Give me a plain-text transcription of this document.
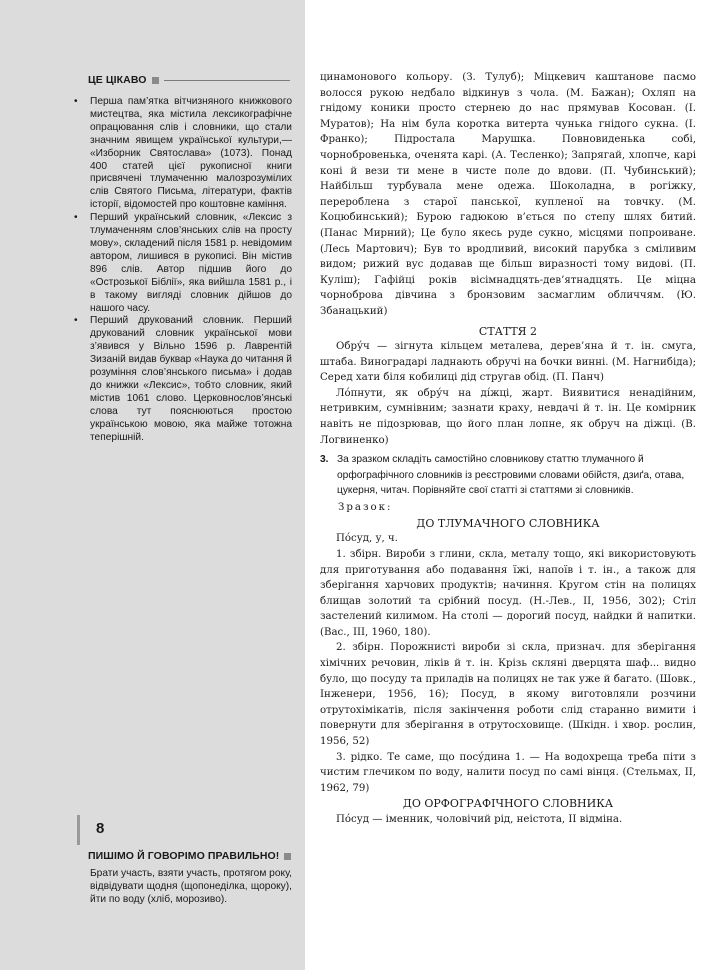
ЦЕ ЦІКАВО
• Перша пам’ятка вітчизняного книжкового мистецтва, яка містила лексикографічне опрацювання слів і словники, що стали значним явищем української культури,— «Изборник Святослава» (1073). Понад 400 статей цієї рукописної книги присвячені тлумаченню малозрозумілих слів Святого Письма, літератури, фактів історії, відомостей про коштовне каміння.
• Перший український словник, «Лексис з тлумаченням слов’янських слів на просту мову», складений після 1581 р. невідомим автором, лишився в рукописі. Він містив 896 слів. Автор підшив його до «Острозької Біблії», яка вийшла 1581 р., і в такому вигляді словник дійшов до нашого часу.
• Перший друкований словник. Перший друкований словник української мови з’явився у Вільно 1596 р. Лаврентій Зизаній видав буквар «Наука до читання й розуміння слов’янського письма» і додав до книжки «Лексис», тобто словник, який містив 1061 слово. Церковнослов’янські слова тут пояснюються простою українською мовою, яка майже тотожна теперішній.
ПИШІМО Й ГОВОРІМО ПРАВИЛЬНО!

Брати участь, взяти участь, протягом року, відвідувати щодня (щопонеділка, щороку), йти по воду (хліб, морозиво).

8

цинамонового кольору. (З. Тулуб); Міцкевич каштанове пасмо волосся рукою недбало відкинув з чола. (М. Бажан); Охляп на гнідому коники просто стернею до нас прямував Косован. (І. Муратов); На нім була коротка витерта чунька гнідого сукна. (І. Франко); Підростала Марушка. Повновиденька собі, чорнобровенька, оченята карі. (А. Тесленко); Запрягай, хлопче, карі коні й вези ти мене в чисте поле до вдови. (П. Чубинський); Найбільш турбувала мене одежа. Шоколадна, в рогіжку, перероблена з старої панської, купленої на товчку. (М. Коцюбинський); Бурою гадюкою в’ється по степу шлях битий. (Панас Мирний); Це було якесь руде сукно, місцями попроиване. (Лесь Мартович); Був то вродливий, високий парубка з сміливим видом; рижий вус додавав ще більш виразності тому видові. (П. Куліш); Гафійці років вісімнадцять-дев’ятнадцять. Це міцна чорноброва дівчина з бронзовим засмаглим обличчям. (Ю. Збанацький)

СТАТТЯ 2

Обру́ч — зігнута кільцем металева, дерев’яна й т. ін. смуга, штаба. Виноградарі ладнають обручі на бочки винні. (М. Нагнибіда); Серед хати біля кобилиці дід стругав обід. (П. Панч)

Ло́пнути, як обру́ч на ді́жці, жарт. Виявитися ненадійним, нетривким, сумнівним; зазнати краху, невдачі й т. ін. Це комірник навіть не підозрював, що його план лопне, як обруч на діжці. (В. Логвиненко)

3. За зразком складіть самостійно словникову статтю тлумачного й орфографічного словників із реєстровими словами обійстя, дзиґа, отава, цукерня, читач. Порівняйте свої статті зі статтями зі словників.

Зразок:

ДО ТЛУМАЧНОГО СЛОВНИКА

По́суд, у, ч.

1. збірн. Вироби з глини, скла, металу тощо, які використовують для приготування або подавання їжі, напоїв і т. ін., а також для зберігання харчових продуктів; начиння. Кругом стін на полицях блищав золотий та срібний посуд. (Н.-Лев., II, 1956, 302); Стіл застелений килимом. На столі — дорогий посуд, найдки й напитки. (Вас., III, 1960, 180).

2. збірн. Порожнисті вироби зі скла, признач. для зберігання хімічних речовин, ліків й т. ін. Крізь скляні дверцята шаф... видно було, що посуду та приладів на полицях не так уже й багато. (Шовк., Інженери, 1956, 16); Посуд, в якому виготовляли розчини отрутохімікатів, після закінчення роботи слід старанно вимити і повернути для зберігання в отрутосховище. (Шкідн. і хвор. рослин, 1956, 52)

3. рідко. Те саме, що посу́дина 1. — На водохреща треба піти з чистим глечиком по воду, налити посуд по самі вінця. (Стельмах, II, 1962, 79)

ДО ОРФОГРАФІЧНОГО СЛОВНИКА

По́суд — іменник, чоловічий рід, неістота, II відміна.
